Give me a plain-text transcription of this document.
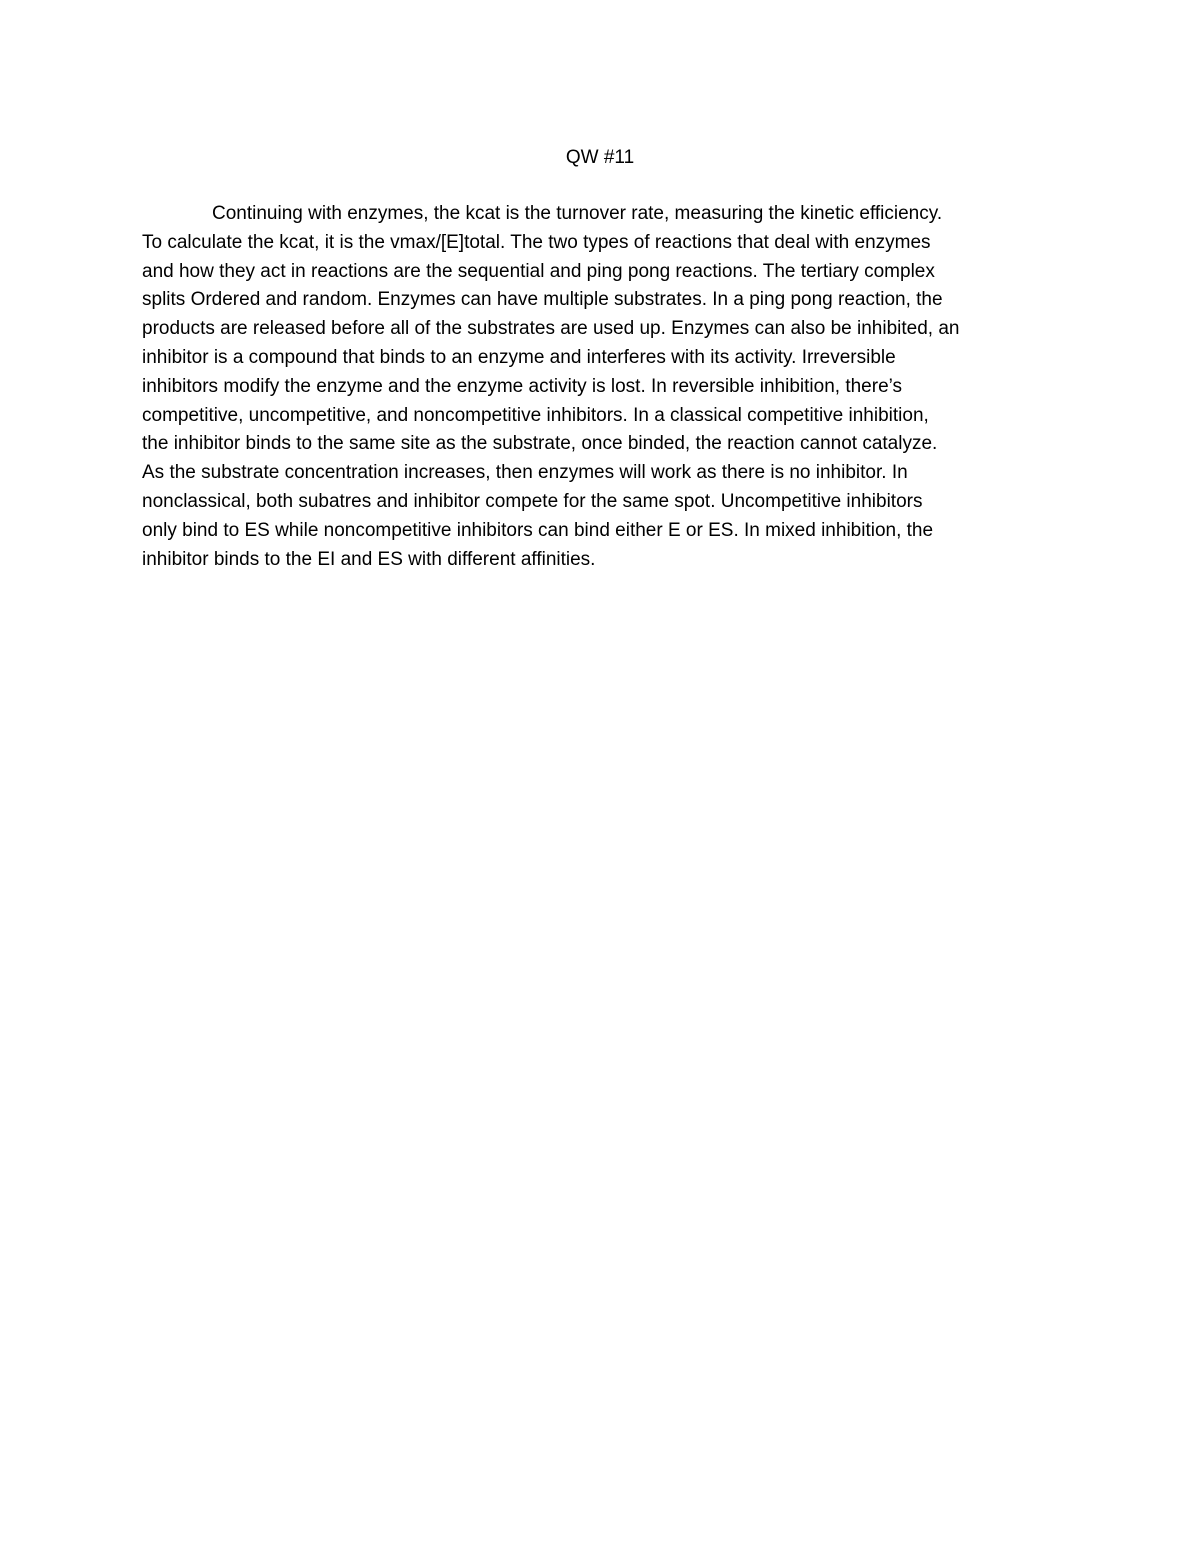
QW #11
Continuing with enzymes, the kcat is the turnover rate, measuring the kinetic efficiency.
To calculate the kcat, it is the vmax/[E]total. The two types of reactions that deal with enzymes
and how they act in reactions are the sequential and ping pong reactions. The tertiary complex
splits Ordered and random. Enzymes can have multiple substrates. In a ping pong reaction, the
products are released before all of the substrates are used up. Enzymes can also be inhibited, an
inhibitor is a compound that binds to an enzyme and interferes with its activity. Irreversible
inhibitors modify the enzyme and the enzyme activity is lost. In reversible inhibition, there’s
competitive, uncompetitive, and noncompetitive inhibitors. In a classical competitive inhibition,
the inhibitor binds to the same site as the substrate, once binded, the reaction cannot catalyze.
As the substrate concentration increases, then enzymes will work as there is no inhibitor. In
nonclassical, both subatres and inhibitor compete for the same spot. Uncompetitive inhibitors
only bind to ES while noncompetitive inhibitors can bind either E or ES. In mixed inhibition, the
inhibitor binds to the EI and ES with different affinities.
